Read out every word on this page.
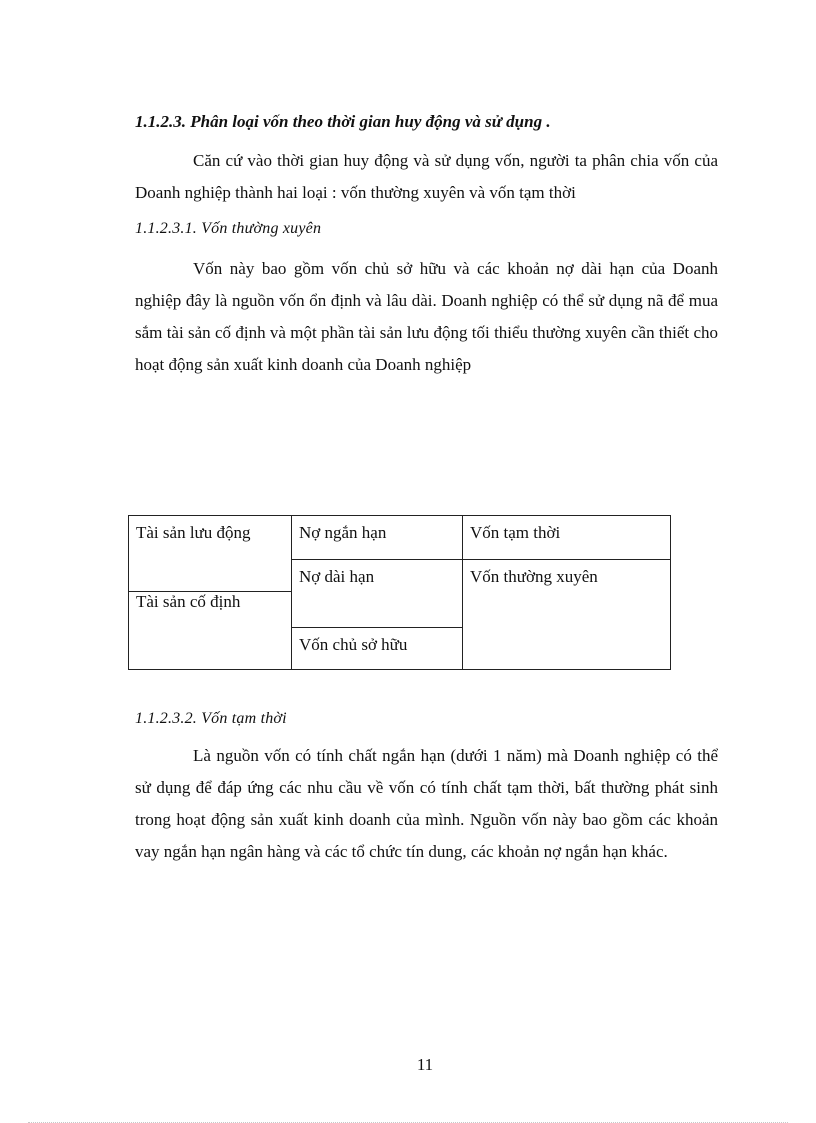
1.1.2.3. Phân loại vốn theo thời gian huy động và sử dụng .
Căn cứ vào thời gian huy động và sử dụng vốn, người ta phân chia vốn của Doanh nghiệp thành hai loại : vốn thường xuyên và vốn tạm thời
1.1.2.3.1. Vốn thường xuyên
Vốn này bao gồm vốn chủ sở hữu và các khoản nợ dài hạn của Doanh nghiệp đây là nguồn vốn ổn định và lâu dài. Doanh nghiệp có thể sử dụng nã để mua sắm tài sản cố định và một phần tài sản lưu động tối thiểu thường xuyên cần thiết cho hoạt động sản xuất kinh doanh của Doanh nghiệp
Tài sản lưu động
Tài sản cố định
Nợ ngắn hạn
Nợ dài hạn
Vốn chủ sở hữu
Vốn tạm thời
Vốn thường xuyên
1.1.2.3.2. Vốn tạm thời
Là nguồn vốn có tính chất ngắn hạn (dưới 1 năm) mà Doanh nghiệp có thể sử dụng để đáp ứng các nhu cầu về vốn có tính chất tạm thời, bất thường phát sinh trong hoạt động sản xuất kinh doanh của mình. Nguồn vốn này bao gồm các khoản vay ngắn hạn ngân hàng và các tổ chức tín dung, các khoản nợ ngắn hạn khác.
11
